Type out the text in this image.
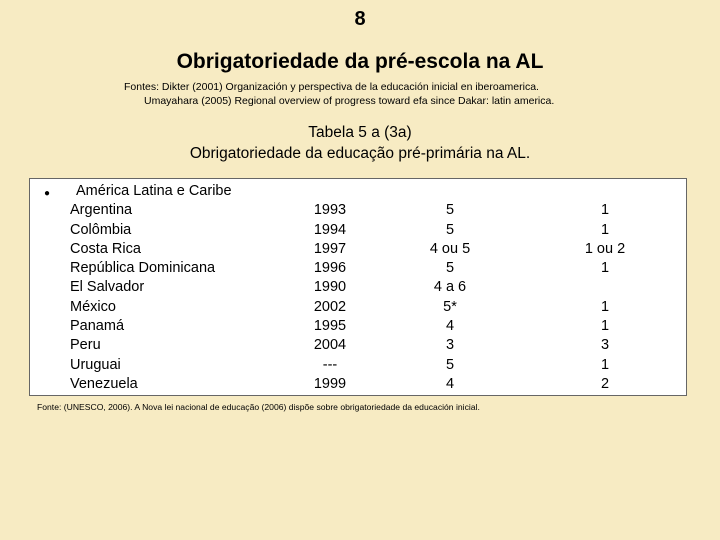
8
Obrigatoriedade da pré-escola na AL
Fontes: Dikter (2001) Organización y perspectiva de la educación inicial en iberoamerica.
Umayahara (2005) Regional overview of progress toward efa since Dakar: latin america.
Tabela 5 a (3a)
Obrigatoriedade da educação pré-primária na AL.
●	América Latina e Caribe
Argentina
Colômbia
Costa Rica
República Dominicana
El Salvador
México
Panamá
Peru
Uruguai
Venezuela
1993
1994
1997
1996
1990
2002
1995
2004
---
1999
5
5
4 ou 5
5
4 a 6
5*
4
3
5
4
1
1
1 ou 2
1
1
1
3
1
2
Fonte: (UNESCO, 2006). A Nova lei nacional de educação (2006) dispõe sobre obrigatoriedade da educación inicial.
